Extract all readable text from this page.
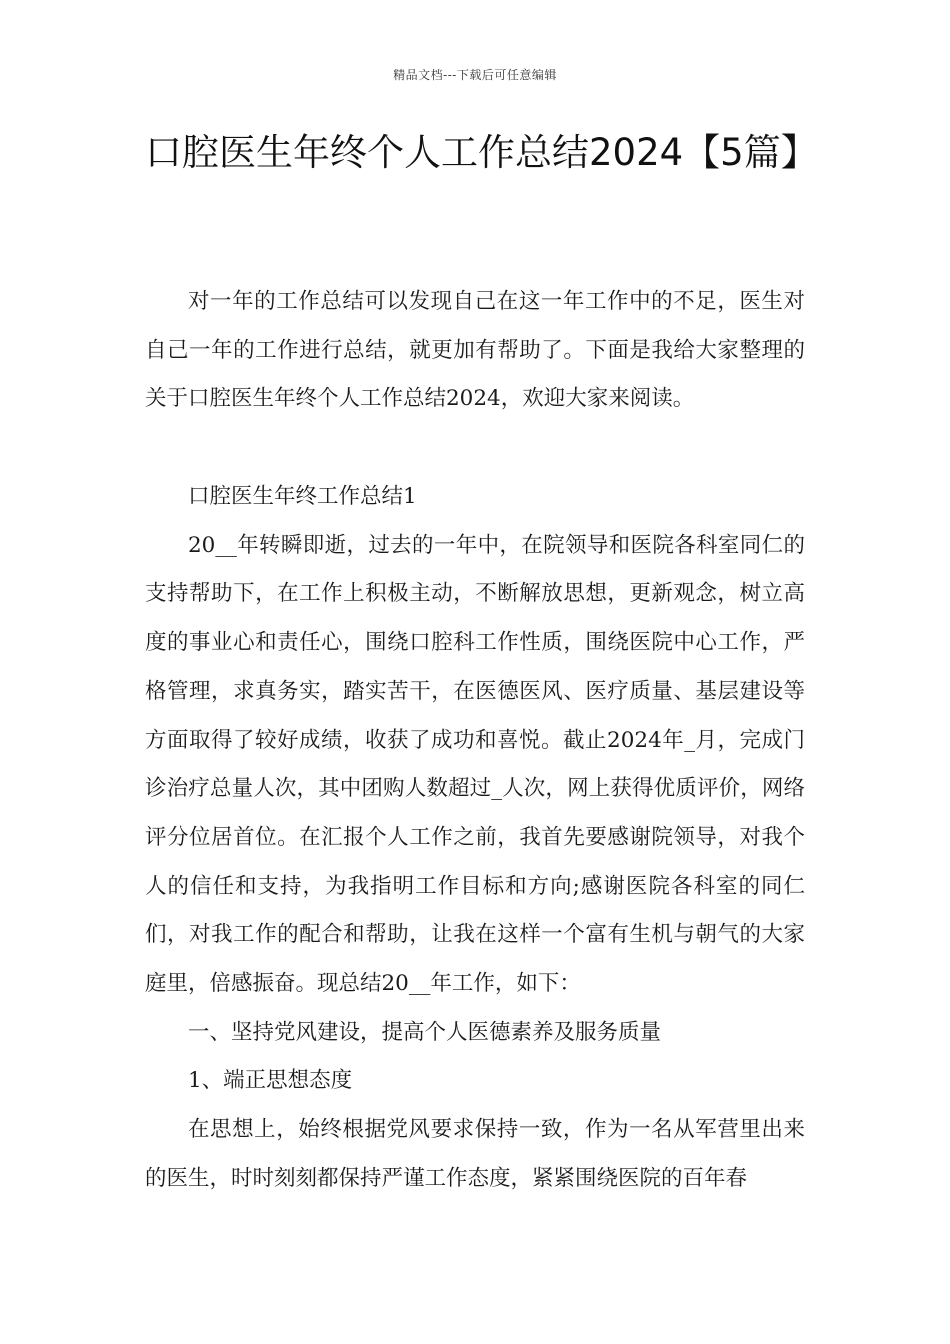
精品文档---下载后可任意编辑
口腔医生年终个人工作总结2024【5篇】

对一年的工作总结可以发现自己在这一年工作中的不足，医生对自己一年的工作进行总结，就更加有帮助了。下面是我给大家整理的关于口腔医生年终个人工作总结2024，欢迎大家来阅读。

口腔医生年终工作总结1

20__年转瞬即逝，过去的一年中，在院领导和医院各科室同仁的支持帮助下，在工作上积极主动，不断解放思想，更新观念，树立高度的事业心和责任心，围绕口腔科工作性质，围绕医院中心工作，严格管理，求真务实，踏实苦干，在医德医风、医疗质量、基层建设等方面取得了较好成绩，收获了成功和喜悦。截止2024年_月，完成门诊治疗总量人次，其中团购人数超过_人次，网上获得优质评价，网络评分位居首位。在汇报个人工作之前，我首先要感谢院领导，对我个人的信任和支持，为我指明工作目标和方向;感谢医院各科室的同仁们，对我工作的配合和帮助，让我在这样一个富有生机与朝气的大家庭里，倍感振奋。现总结20__年工作，如下：

一、坚持党风建设，提高个人医德素养及服务质量

1、端正思想态度

在思想上，始终根据党风要求保持一致，作为一名从军营里出来的医生，时时刻刻都保持严谨工作态度，紧紧围绕医院的百年春
